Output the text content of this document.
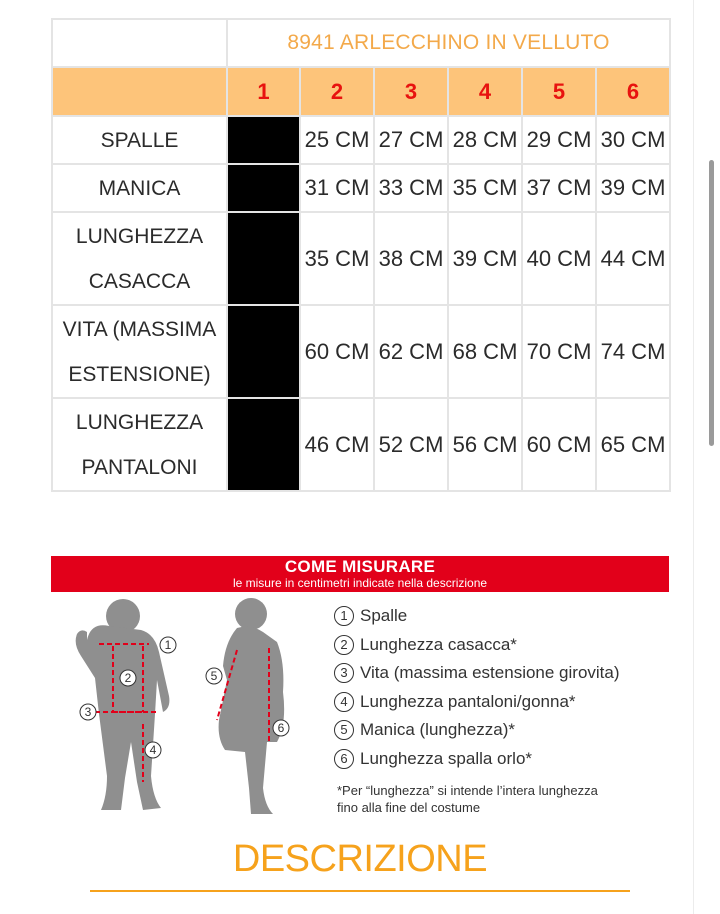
	8941 ARLECCHINO IN VELLUTO					
	1	2	3	4	5	6
SPALLE		25 CM	27 CM	28 CM	29 CM	30 CM
MANICA		31 CM	33 CM	35 CM	37 CM	39 CM
LUNGHEZZA CASACCA		35 CM	38 CM	39 CM	40 CM	44 CM
VITA (MASSIMA ESTENSIONE)		60 CM	62 CM	68 CM	70 CM	74 CM
LUNGHEZZA PANTALONI		46 CM	52 CM	56 CM	60 CM	65 CM
COME MISURARE
le misure in centimetri indicate nella descrizione
1
2
3
4
5
6
1 Spalle
2 Lunghezza casacca*
3 Vita (massima estensione girovita)
4 Lunghezza pantaloni/gonna*
5 Manica (lunghezza)*
6 Lunghezza spalla orlo*
*Per “lunghezza” si intende l’intera lunghezza
fino alla fine del costume
DESCRIZIONE
